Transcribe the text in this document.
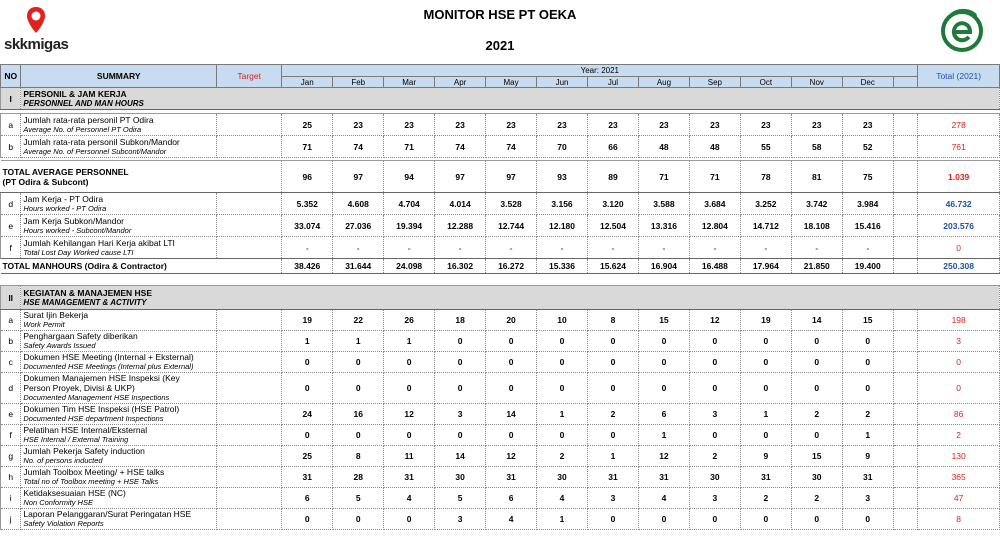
skkmigas
MONITOR HSE PT OEKA
2021
NO	SUMMARY	Target	Year: 2021													Total (2021)
			Jan	Feb	Mar	Apr	May	Jun	Jul	Aug	Sep	Oct	Nov	Dec		
I	PERSONIL & JAM KERJA
PERSONNEL AND MAN HOURS															

a	Jumlah rata-rata personil PT Odira
Average No. of Personnel PT Odira		25	23	23	23	23	23	23	23	23	23	23	23		278
b	Jumlah rata-rata personil Subkon/Mandor
Average No. of Personnel Subcont/Mandor		71	74	71	74	74	70	66	48	48	55	58	52		761

TOTAL AVERAGE PERSONNEL
(PT Odira & Subcont)			96	97	94	97	97	93	89	71	71	78	81	75		1.039
d	Jam Kerja - PT Odira
Hours worked - PT Odira		5.352	4.608	4.704	4.014	3.528	3.156	3.120	3.588	3.684	3.252	3.742	3.984		46.732
e	Jam Kerja Subkon/Mandor
Hours worked - Subcont/Mandor		33.074	27.036	19.394	12.288	12.744	12.180	12.504	13.316	12.804	14.712	18.108	15.416		203.576
f	Jumlah Kehilangan Hari Kerja akibat LTI
Total Lost Day Worked cause LTI		-	-	-	-	-	-	-	-	-	-	-	-		0

TOTAL MANHOURS (Odira & Contractor)			38.426	31.644	24.098	16.302	16.272	15.336	15.624	16.904	16.488	17.964	21.850	19.400		250.308

II	KEGIATAN & MANAJEMEN HSE
HSE MANAGEMENT & ACTIVITY															

a	Surat Ijin Bekerja
Work Permit		19	22	26	18	20	10	8	15	12	19	14	15		198
b	Penghargaan Safety diberikan
Safety Awards Issued		1	1	1	0	0	0	0	0	0	0	0	0		3
c	Dokumen HSE Meeting (Internal + Eksternal)
Documented HSE Meetings (Internal plus External)		0	0	0	0	0	0	0	0	0	0	0	0		0
d	Dokumen Manajemen HSE Inspeksi (Key
Person Proyek, Divisi & UKP)
Documented Management HSE Inspections		0	0	0	0	0	0	0	0	0	0	0	0		0
e	Dokumen Tim HSE Inspeksi (HSE Patrol)
Documented HSE department Inspections		24	16	12	3	14	1	2	6	3	1	2	2		86
f	Pelatihan HSE Internal/Eksternal
HSE Internal / External Training		0	0	0	0	0	0	0	1	0	0	0	1		2
g	Jumlah Pekerja Safety induction
No. of persons inducted		25	8	11	14	12	2	1	12	2	9	15	9		130
h	Jumlah Toolbox Meeting/ + HSE talks
Total no of Toolbox meeting + HSE Talks		31	28	31	30	31	30	31	31	30	31	30	31		365
i	Ketidaksesuaian HSE (NC)
Non Conformity HSE		6	5	4	5	6	4	3	4	3	2	2	3		47
j	Laporan Pelanggaran/Surat Peringatan HSE
Safety Violation Reports		0	0	0	3	4	1	0	0	0	0	0	0		8
